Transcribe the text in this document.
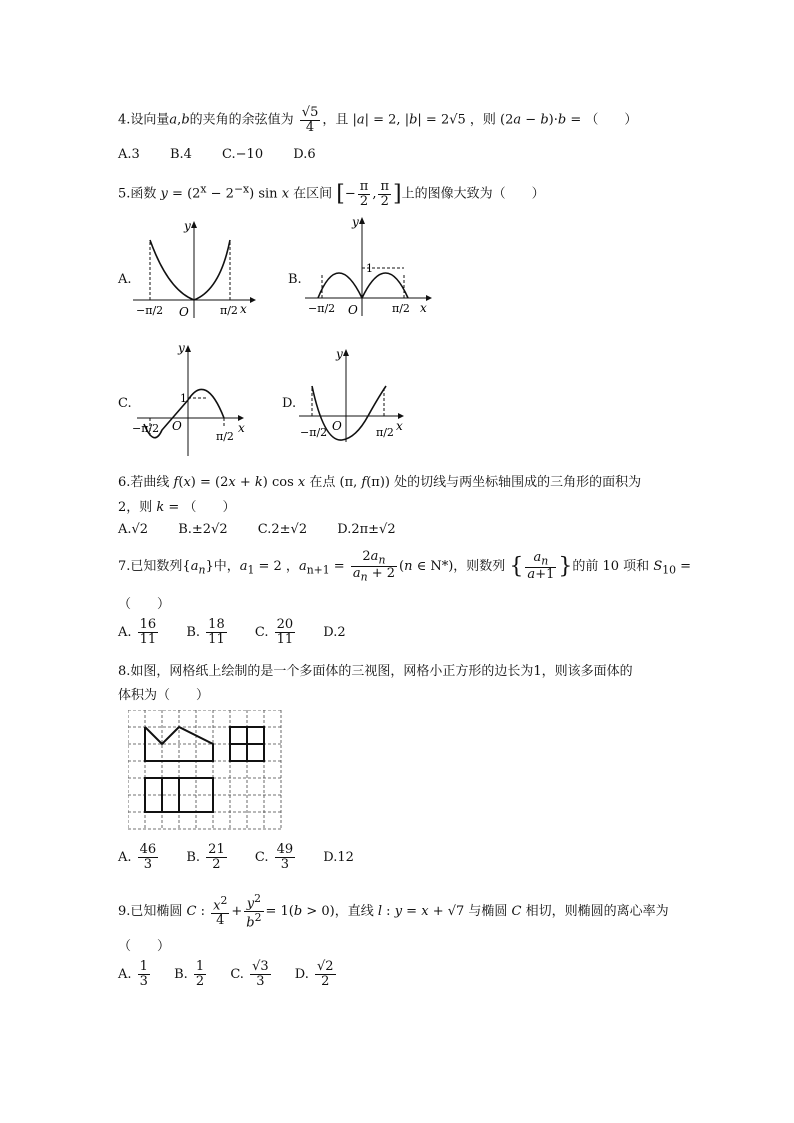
4.设向量a,b的夹角的余弦值为 $\frac{√5}{4}$ ，且 |a| = 2, |b| = 2√5 ，则 (2a − b)·b = （　　）
A.3 B.4 C.−10 D.6
5.函数 $y = (2^x - 2^{-x})$ sin x 在区间 [− $\frac{\pi}{2}$ , $\frac{\pi}{2}$ ]上的图像大致为（　　）
A.
y
x
O
−π/2	π/2
B.
y
x
O
1
−π/2	π/2
C.
y
x
O
1
−π/2
π/2
D.
y
x
O
−π/2	π/2
6.若曲线 f(x) = (2x + k) cos x 在点 (π, f(π)) 处的切线与两坐标轴围成的三角形的面积为
2，则 k = （　　）
A.√2 B.±2√2 C.2±√2 D.2π±√2
7.已知数列$\{a_n\}$中，$a_1 = 2$ ，$a_{n+1} = \frac{2a_n}{a_n + 2} (n$ ∈ N*)，则数列 { $\frac{a_n}{a+1}$ }的前 10 项和 $S_{10}$ =
（　　）
A. $\frac{16}{11} B$. $\frac{18}{11} C$. $\frac{20}{11} D.2$
8.如图，网格纸上绘制的是一个多面体的三视图，网格小正方形的边长为1，则该多面体的
体积为（　　）
A. $\frac{46}{3} B$. $\frac{21}{2} C$. $\frac{49}{3} D.12$
9.已知椭圆 C : $\frac{x^2}{4} + \frac{y^2}{b^2} = 1(b > 0)$，直线 l : y = x + √7 与椭圆 C 相切，则椭圆的离心率为
（　　）
A. $\frac{1}{3} B$. $\frac{1}{2} C$. $\frac{√3}{3} D$. $\frac{√2}{2}$
